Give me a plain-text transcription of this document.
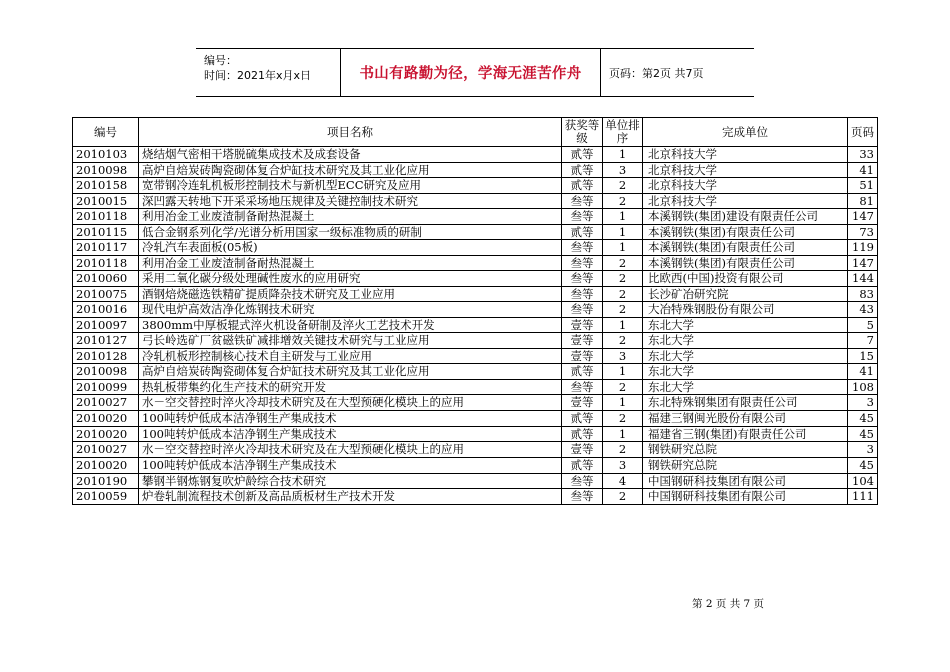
编号：
时间：2021年x月x日	书山有路勤为径，学海无涯苦作舟	页码：第2页 共7页
编号	项目名称	获奖等级	单位排序	完成单位	页码
2010103	烧结烟气密相干塔脱硫集成技术及成套设备	贰等	1	北京科技大学	33
2010098	高炉自焙炭砖陶瓷砌体复合炉缸技术研究及其工业化应用	贰等	3	北京科技大学	41
2010158	宽带钢冷连轧机板形控制技术与新机型ECC研究及应用	贰等	2	北京科技大学	51
2010015	深凹露天转地下开采采场地压规律及关键控制技术研究	叁等	2	北京科技大学	81
2010118	利用冶金工业废渣制备耐热混凝土	叁等	1	本溪钢铁(集团)建设有限责任公司	147
2010115	低合金钢系列化学/光谱分析用国家一级标准物质的研制	贰等	1	本溪钢铁(集团)有限责任公司	73
2010117	冷轧汽车表面板(05板)	叁等	1	本溪钢铁(集团)有限责任公司	119
2010118	利用冶金工业废渣制备耐热混凝土	叁等	2	本溪钢铁(集团)有限责任公司	147
2010060	采用二氧化碳分级处理碱性废水的应用研究	叁等	2	比欧西(中国)投资有限公司	144
2010075	酒钢焙烧磁选铁精矿提质降杂技术研究及工业应用	叁等	2	长沙矿冶研究院	83
2010016	现代电炉高效洁净化炼钢技术研究	叁等	2	大冶特殊钢股份有限公司	43
2010097	3800mm中厚板辊式淬火机设备研制及淬火工艺技术开发	壹等	1	东北大学	5
2010127	弓长岭选矿厂贫磁铁矿减排增效关键技术研究与工业应用	壹等	2	东北大学	7
2010128	冷轧机板形控制核心技术自主研发与工业应用	壹等	3	东北大学	15
2010098	高炉自焙炭砖陶瓷砌体复合炉缸技术研究及其工业化应用	贰等	1	东北大学	41
2010099	热轧板带集约化生产技术的研究开发	叁等	2	东北大学	108
2010027	水－空交替控时淬火冷却技术研究及在大型预硬化模块上的应用	壹等	1	东北特殊钢集团有限责任公司	3
2010020	100吨转炉低成本洁净钢生产集成技术	贰等	2	福建三钢闽光股份有限公司	45
2010020	100吨转炉低成本洁净钢生产集成技术	贰等	1	福建省三钢(集团)有限责任公司	45
2010027	水－空交替控时淬火冷却技术研究及在大型预硬化模块上的应用	壹等	2	钢铁研究总院	3
2010020	100吨转炉低成本洁净钢生产集成技术	贰等	3	钢铁研究总院	45
2010190	攀钢半钢炼钢复吹炉龄综合技术研究	叁等	4	中国钢研科技集团有限公司	104
2010059	炉卷轧制流程技术创新及高品质板材生产技术开发	叁等	2	中国钢研科技集团有限公司	111
第 2 页 共 7 页
